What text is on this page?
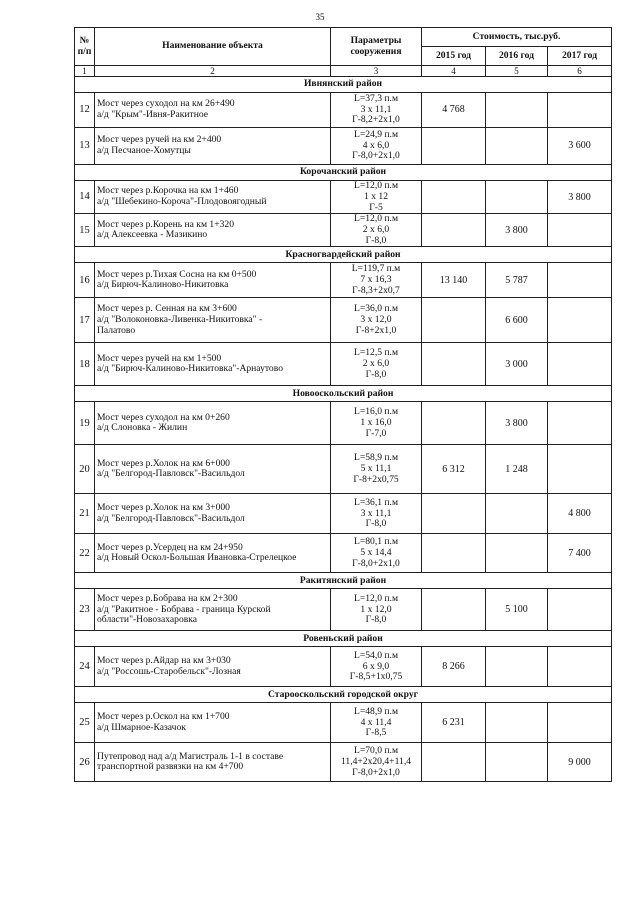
35
№
п/п	Наименование объекта	Параметры
сооружения	Стоимость, тыс.руб.		
			2015 год	2016 год	2017 год
1	2	3	4	5	6
Ивнянский район					
12	Мост через суходол на км 26+490
а/д "Крым"-Ивня-Ракитное	L=37,3 п.м
3 х 11,1
Г-8,2+2х1,0	4 768		
13	Мост через ручей на км 2+400
а/д Песчаное-Хомутцы	L=24,9 п.м
4 х 6,0
Г-8,0+2х1,0			3 600
Корочанский район					
14	Мост через р.Корочка на км 1+460
а/д "Шебекино-Короча"-Плодовоягодный	L=12,0 п.м
1 х 12
Г-5			3 800
15	Мост через р.Корень на км 1+320
а/д Алексеевка - Мазикино	L=12,0 п.м
2 х 6,0
Г-8,0		3 800	
Красногвардейский район					
16	Мост через р.Тихая Сосна на км 0+500
а/д Бирюч-Калиново-Никитовка	L=119,7 п.м
7 х 16,3
Г-8,3+2х0,7	13 140	5 787	
17	Мост через р. Сенная на км 3+600
а/д "Волоконовка-Ливенка-Никитовка" -
Палатово	L=36,0 п.м
3 х 12,0
Г-8+2х1,0		6 600	
18	Мост через ручей на км 1+500
а/д "Бирюч-Калиново-Никитовка"-Арнаутово	L=12,5 п.м
2 х 6,0
Г-8,0		3 000	
Новооскольский район					
19	Мост через суходол на км 0+260
а/д Слоновка - Жилин	L=16,0 п.м
1 х 16,0
Г-7,0		3 800	
20	Мост через р.Холок на км 6+000
а/д "Белгород-Павловск"-Васильдол	L=58,9 п.м
5 х 11,1
Г-8+2х0,75	6 312	1 248	
21	Мост через р.Холок на км 3+000
а/д "Белгород-Павловск"-Васильдол	L=36,1 п.м
3 х 11,1
Г-8,0			4 800
22	Мост через р.Усердец на км 24+950
а/д Новый Оскол-Большая Ивановка-Стрелецкое	L=80,1 п.м
5 х 14,4
Г-8,0+2х1,0			7 400
Ракитянский район					
23	Мост через р.Бобрава на км 2+300
а/д "Ракитное - Бобрава - граница Курской
области"-Новозахаровка	L=12,0 п.м
1 х 12,0
Г-8,0		5 100	
Ровеньский район					
24	Мост через р.Айдар на км 3+030
а/д "Россошь-Старобельск"-Лозная	L=54,0 п.м
6 х 9,0
Г-8,5+1х0,75	8 266		
Старооскольский городской округ					
25	Мост через р.Оскол на км 1+700
а/д Шмарное-Казачок	L=48,9 п.м
4 х 11,4
Г-8,5	6 231		
26	Путепровод над а/д Магистраль 1-1 в составе
транспортной развязки на км 4+700	L=70,0 п.м
11,4+2х20,4+11,4
Г-8,0+2х1,0			9 000
